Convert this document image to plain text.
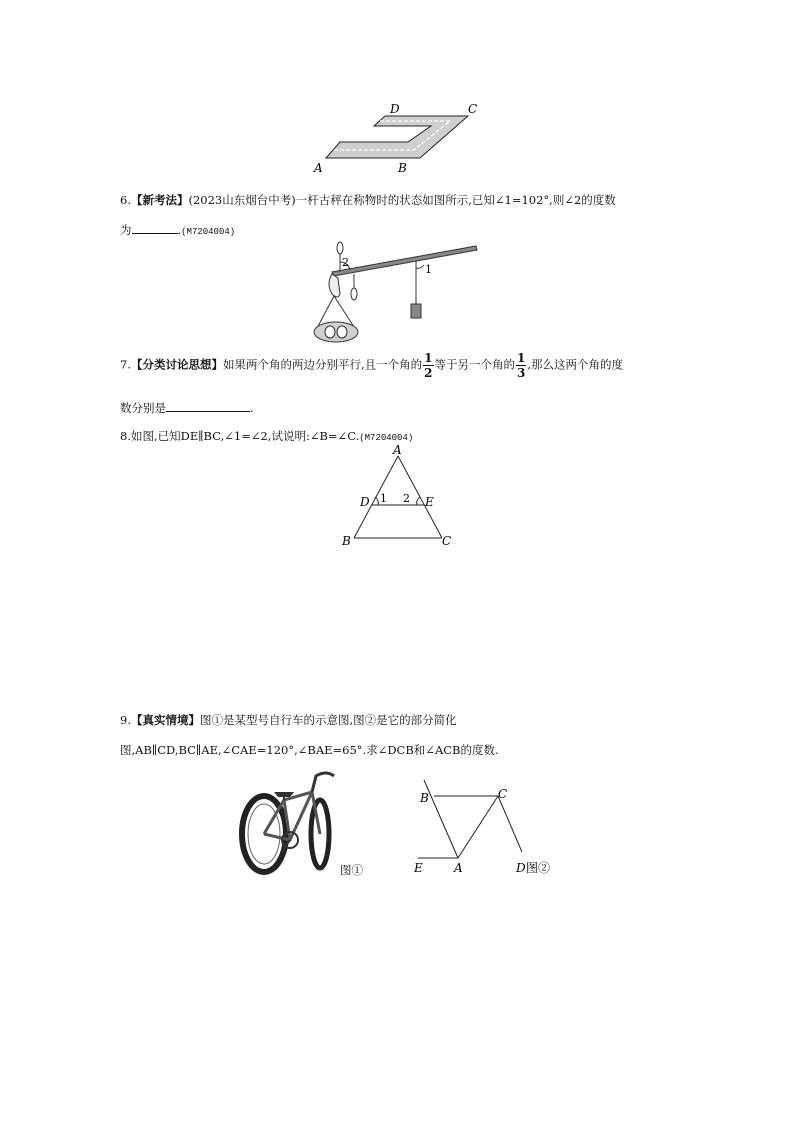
D	C
A	B
6.【新考法】(2023山东烟台中考)一杆古秤在称物时的状态如图所示,已知∠1=102°,则∠2的度数
为	.(M7204004)
2
1
7.【分类讨论思想】如果两个角的两边分别平行,且一个角的 $\frac{1}{2}$ 等于另一个角的 $\frac{1}{3}$ ,那么这两个角的度
数分别是	.
8.如图,已知DE∥BC,∠1=∠2,试说明:∠B=∠C.(M7204004)
A
D 1 2 E
B	C
9.【真实情境】图①是某型号自行车的示意图,图②是它的部分简化
图,AB∥CD,BC∥AE,∠CAE=120°,∠BAE=65°.求∠DCB和∠ACB的度数.
图①
B	C
E	A	D 图②
